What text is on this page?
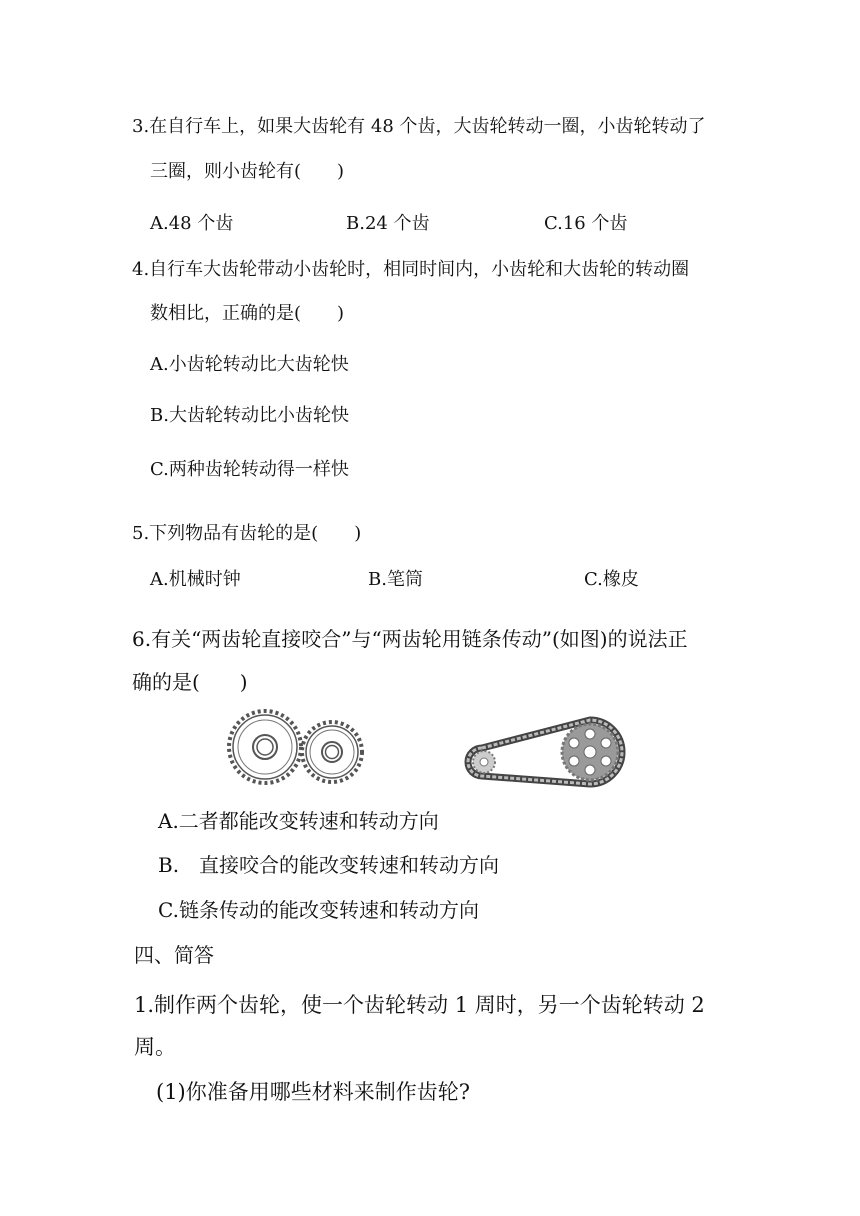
3.在自行车上，如果大齿轮有 48 个齿，大齿轮转动一圈，小齿轮转动了
三圈，则小齿轮有(　　)
A.48 个齿	B.24 个齿	C.16 个齿
4.自行车大齿轮带动小齿轮时，相同时间内，小齿轮和大齿轮的转动圈
数相比，正确的是(　　)
A.小齿轮转动比大齿轮快
B.大齿轮转动比小齿轮快
C.两种齿轮转动得一样快
5.下列物品有齿轮的是(　　)
A.机械时钟	B.笔筒	C.橡皮
6.有关“两齿轮直接咬合”与“两齿轮用链条传动”(如图)的说法正
确的是(　　)
A.二者都能改变转速和转动方向
B.　直接咬合的能改变转速和转动方向
C.链条传动的能改变转速和转动方向
四、简答
1.制作两个齿轮，使一个齿轮转动 1 周时，另一个齿轮转动 2
周。
(1)你准备用哪些材料来制作齿轮?
